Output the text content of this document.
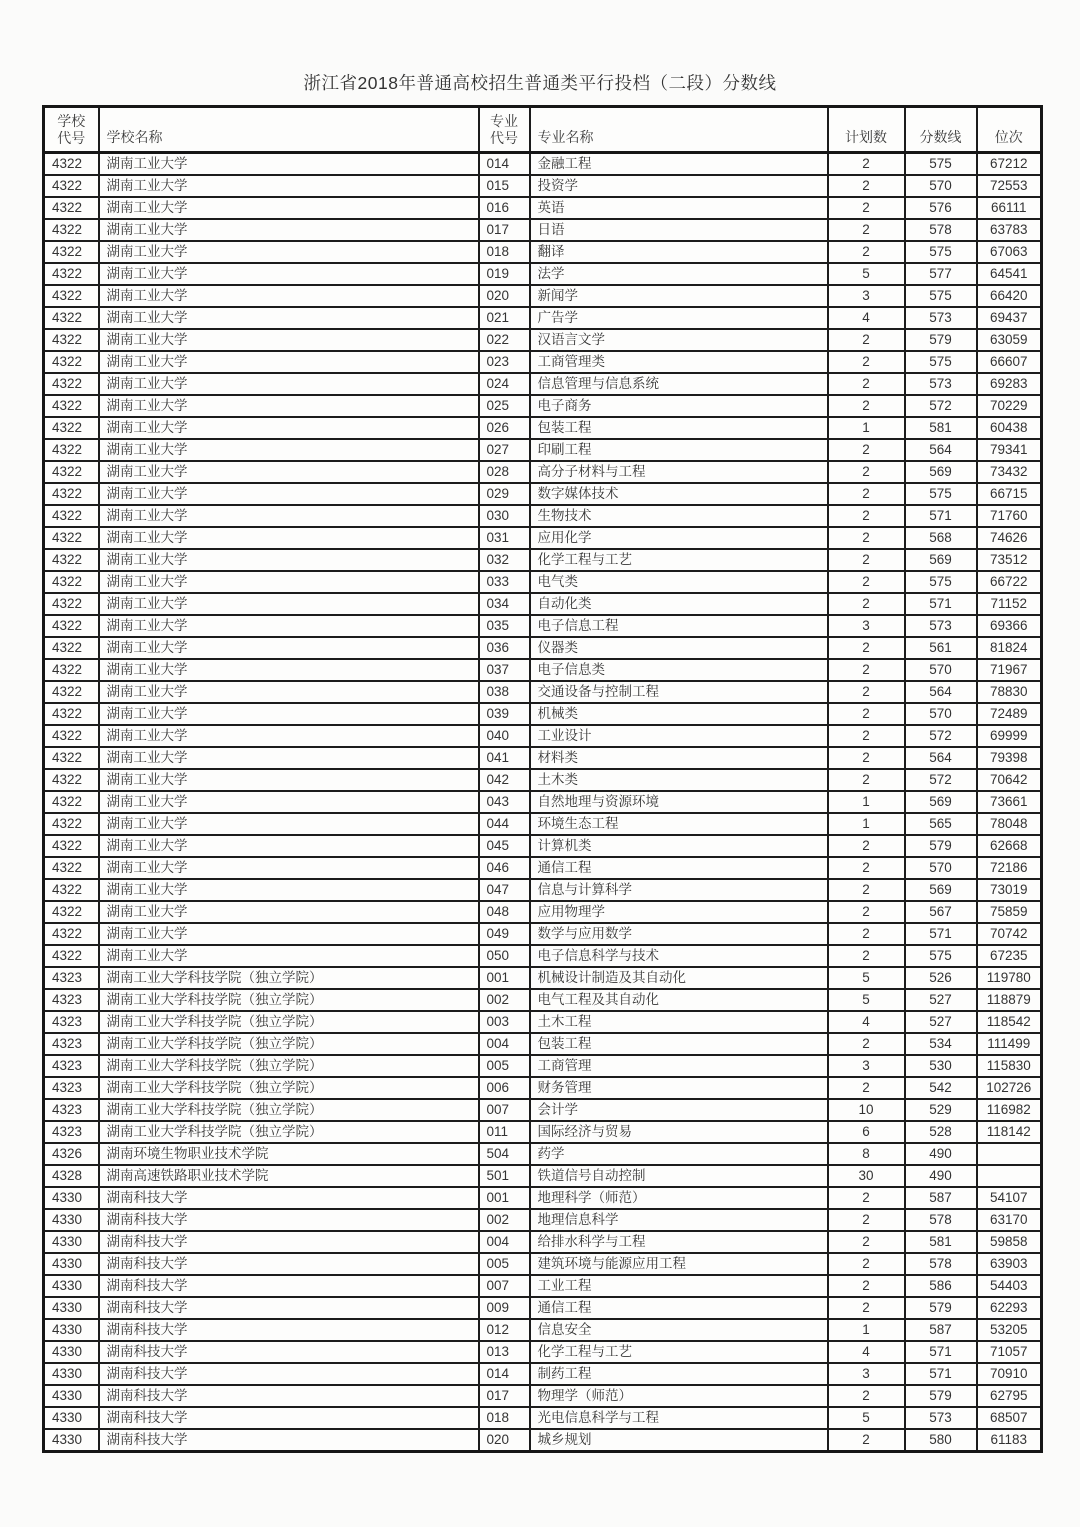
浙江省2018年普通高校招生普通类平行投档（二段）分数线
学校
代号	学校名称	
专业
代号	专业名称	计划数	分数线	位次
4322	湖南工业大学	014	金融工程	2	575	67212
4322	湖南工业大学	015	投资学	2	570	72553
4322	湖南工业大学	016	英语	2	576	66111
4322	湖南工业大学	017	日语	2	578	63783
4322	湖南工业大学	018	翻译	2	575	67063
4322	湖南工业大学	019	法学	5	577	64541
4322	湖南工业大学	020	新闻学	3	575	66420
4322	湖南工业大学	021	广告学	4	573	69437
4322	湖南工业大学	022	汉语言文学	2	579	63059
4322	湖南工业大学	023	工商管理类	2	575	66607
4322	湖南工业大学	024	信息管理与信息系统	2	573	69283
4322	湖南工业大学	025	电子商务	2	572	70229
4322	湖南工业大学	026	包装工程	1	581	60438
4322	湖南工业大学	027	印刷工程	2	564	79341
4322	湖南工业大学	028	高分子材料与工程	2	569	73432
4322	湖南工业大学	029	数字媒体技术	2	575	66715
4322	湖南工业大学	030	生物技术	2	571	71760
4322	湖南工业大学	031	应用化学	2	568	74626
4322	湖南工业大学	032	化学工程与工艺	2	569	73512
4322	湖南工业大学	033	电气类	2	575	66722
4322	湖南工业大学	034	自动化类	2	571	71152
4322	湖南工业大学	035	电子信息工程	3	573	69366
4322	湖南工业大学	036	仪器类	2	561	81824
4322	湖南工业大学	037	电子信息类	2	570	71967
4322	湖南工业大学	038	交通设备与控制工程	2	564	78830
4322	湖南工业大学	039	机械类	2	570	72489
4322	湖南工业大学	040	工业设计	2	572	69999
4322	湖南工业大学	041	材料类	2	564	79398
4322	湖南工业大学	042	土木类	2	572	70642
4322	湖南工业大学	043	自然地理与资源环境	1	569	73661
4322	湖南工业大学	044	环境生态工程	1	565	78048
4322	湖南工业大学	045	计算机类	2	579	62668
4322	湖南工业大学	046	通信工程	2	570	72186
4322	湖南工业大学	047	信息与计算科学	2	569	73019
4322	湖南工业大学	048	应用物理学	2	567	75859
4322	湖南工业大学	049	数学与应用数学	2	571	70742
4322	湖南工业大学	050	电子信息科学与技术	2	575	67235
4323	湖南工业大学科技学院（独立学院）	001	机械设计制造及其自动化	5	526	119780
4323	湖南工业大学科技学院（独立学院）	002	电气工程及其自动化	5	527	118879
4323	湖南工业大学科技学院（独立学院）	003	土木工程	4	527	118542
4323	湖南工业大学科技学院（独立学院）	004	包装工程	2	534	111499
4323	湖南工业大学科技学院（独立学院）	005	工商管理	3	530	115830
4323	湖南工业大学科技学院（独立学院）	006	财务管理	2	542	102726
4323	湖南工业大学科技学院（独立学院）	007	会计学	10	529	116982
4323	湖南工业大学科技学院（独立学院）	011	国际经济与贸易	6	528	118142
4326	湖南环境生物职业技术学院	504	药学	8	490	
4328	湖南高速铁路职业技术学院	501	铁道信号自动控制	30	490	
4330	湖南科技大学	001	地理科学（师范）	2	587	54107
4330	湖南科技大学	002	地理信息科学	2	578	63170
4330	湖南科技大学	004	给排水科学与工程	2	581	59858
4330	湖南科技大学	005	建筑环境与能源应用工程	2	578	63903
4330	湖南科技大学	007	工业工程	2	586	54403
4330	湖南科技大学	009	通信工程	2	579	62293
4330	湖南科技大学	012	信息安全	1	587	53205
4330	湖南科技大学	013	化学工程与工艺	4	571	71057
4330	湖南科技大学	014	制药工程	3	571	70910
4330	湖南科技大学	017	物理学（师范）	2	579	62795
4330	湖南科技大学	018	光电信息科学与工程	5	573	68507
4330	湖南科技大学	020	城乡规划	2	580	61183
